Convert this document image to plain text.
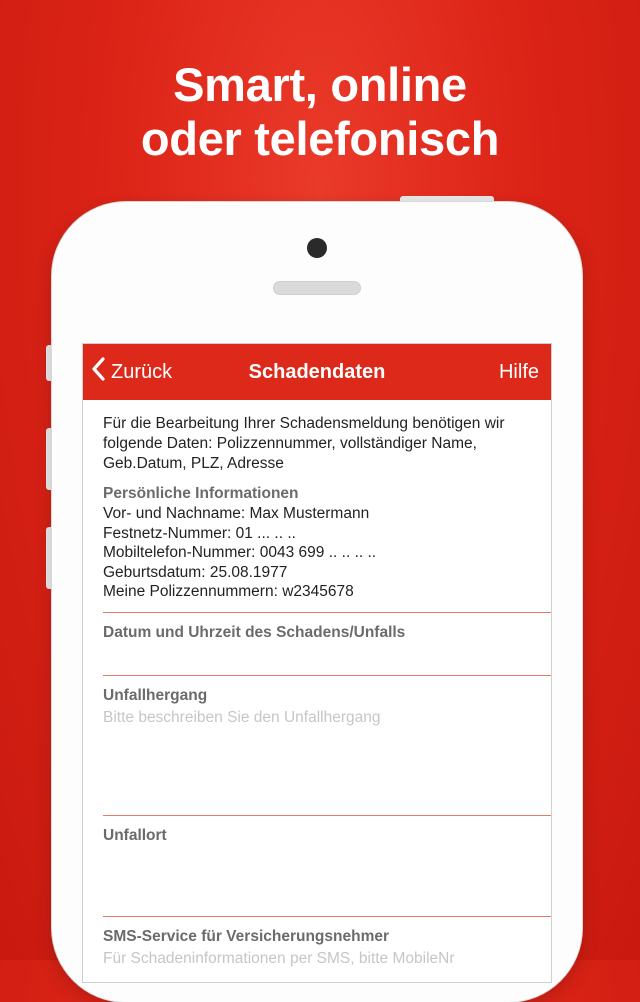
Smart, online
oder telefonisch
Zurück	Schadendaten	Hilfe
Für die Bearbeitung Ihrer Schadensmeldung benötigen wir folgende Daten: Polizzennummer, vollständiger Name, Geb.Datum, PLZ, Adresse
Persönliche Informationen
Vor- und Nachname: Max Mustermann
Festnetz-Nummer: 01 ... .. ..
Mobiltelefon-Nummer: 0043 699 .. .. .. ..
Geburtsdatum: 25.08.1977
Meine Polizzennummern: w2345678
Datum und Uhrzeit des Schadens/Unfalls
Unfallhergang
Bitte beschreiben Sie den Unfallhergang
Unfallort
SMS-Service für Versicherungsnehmer
Für Schadeninformationen per SMS, bitte MobileNr
